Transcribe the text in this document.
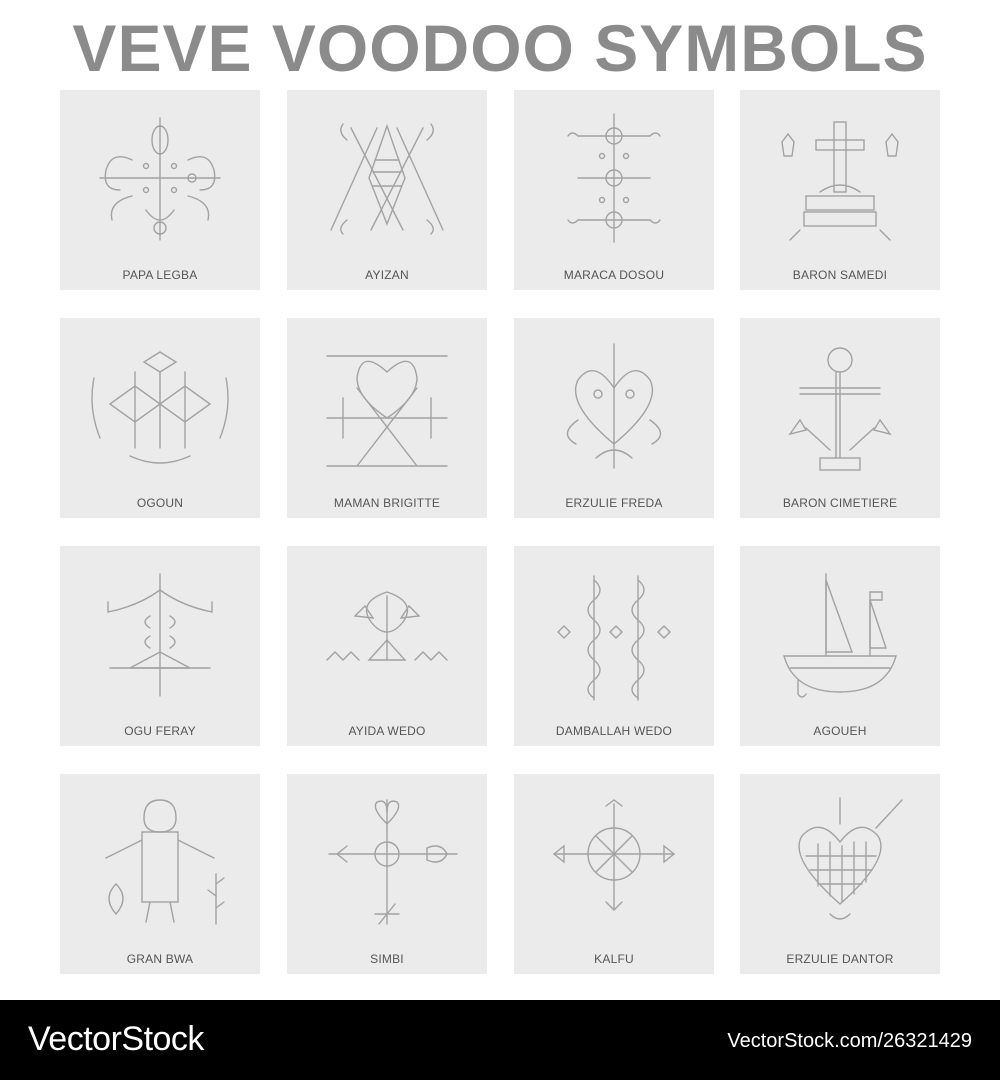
VEVE VOODOO SYMBOLS
PAPA LEGBA	AYIZAN	MARACA DOSOU	BARON SAMEDI
OGOUN	MAMAN BRIGITTE	ERZULIE FREDA	BARON CIMETIERE
OGU FERAY	AYIDA WEDO	DAMBALLAH WEDO	AGOUEH
GRAN BWA	SIMBI	KALFU	ERZULIE DANTOR
VectorStock	VectorStock.com/26321429
